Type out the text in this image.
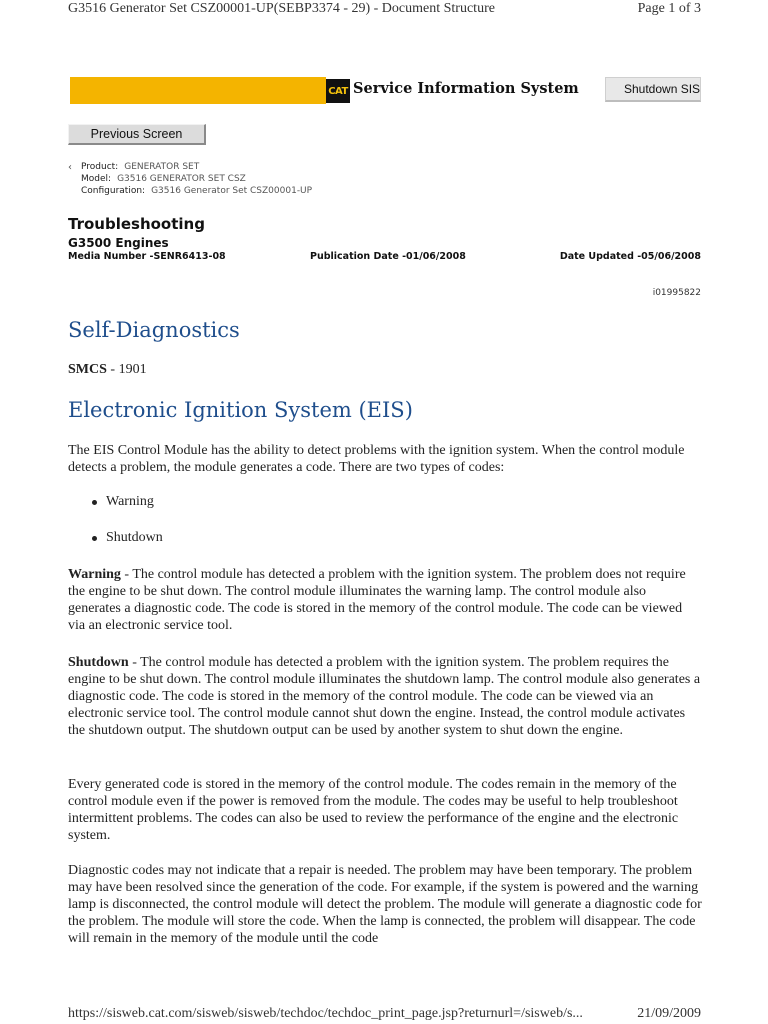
G3516 Generator Set CSZ00001-UP(SEBP3374 - 29) - Document Structure	Page 1 of 3
CAT Service Information System	Shutdown SIS
Previous Screen
‹ Product: GENERATOR SET
Model: G3516 GENERATOR SET CSZ
Configuration: G3516 Generator Set CSZ00001-UP
Troubleshooting
G3500 Engines
Media Number -SENR6413-08	Publication Date -01/06/2008	Date Updated -05/06/2008
i01995822
Self-Diagnostics
SMCS - 1901
Electronic Ignition System (EIS)
The EIS Control Module has the ability to detect problems with the ignition system. When the control module detects a problem, the module generates a code. There are two types of codes:
Warning
Shutdown
Warning - The control module has detected a problem with the ignition system. The problem does not require the engine to be shut down. The control module illuminates the warning lamp. The control module also generates a diagnostic code. The code is stored in the memory of the control module. The code can be viewed via an electronic service tool.
Shutdown - The control module has detected a problem with the ignition system. The problem requires the engine to be shut down. The control module illuminates the shutdown lamp. The control module also generates a diagnostic code. The code is stored in the memory of the control module. The code can be viewed via an electronic service tool. The control module cannot shut down the engine. Instead, the control module activates the shutdown output. The shutdown output can be used by another system to shut down the engine.
Every generated code is stored in the memory of the control module. The codes remain in the memory of the control module even if the power is removed from the module. The codes may be useful to help troubleshoot intermittent problems. The codes can also be used to review the performance of the engine and the electronic system.
Diagnostic codes may not indicate that a repair is needed. The problem may have been temporary. The problem may have been resolved since the generation of the code. For example, if the system is powered and the warning lamp is disconnected, the control module will detect the problem. The module will generate a diagnostic code for the problem. The module will store the code. When the lamp is connected, the problem will disappear. The code will remain in the memory of the module until the code
https://sisweb.cat.com/sisweb/sisweb/techdoc/techdoc_print_page.jsp?returnurl=/sisweb/s...	21/09/2009
